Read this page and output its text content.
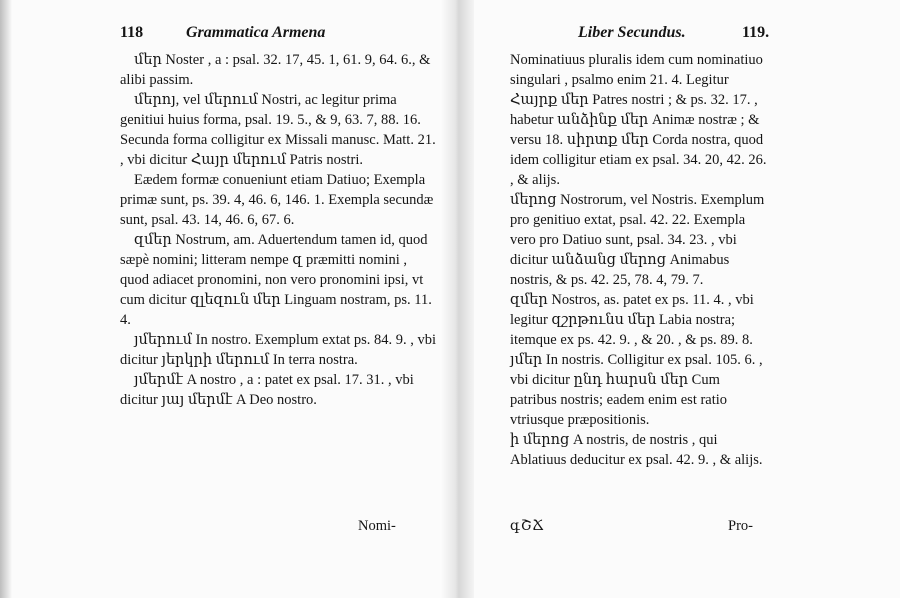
118	Grammatica Armena

մեր Noster , a : psal. 32. 17, 45. 1, 61. 9, 64. 6., & alibi passim.

մերոյ, vel մերում Nostri, ac legitur prima genitiui huius forma, psal. 19. 5., & 9, 63. 7, 88. 16. Secunda forma colligitur ex Missali manusc. Matt. 21. , vbi dicitur Հայր մերում Patris nostri.

Eædem formæ conueniunt etiam Datiuo; Exempla primæ sunt, ps. 39. 4, 46. 6, 146. 1. Exempla secundæ sunt, psal. 43. 14, 46. 6, 67. 6.

զմեր Nostrum, am. Aduertendum tamen id, quod sæpè nomini; litteram nempe զ præmitti nomini , quod adiacet pronomini, non vero pronomini ipsi, vt cum dicitur զլեզուն մեր Linguam nostram, ps. 11. 4.

յմերում In nostro. Exemplum extat ps. 84. 9. , vbi dicitur յերկրի մերում In terra nostra.

յմերմէ A nostro , a : patet ex psal. 17. 31. , vbi dicitur յայ մերմէ A Deo nostro.

Nomi-
Liber Secundus.	119.

Nominatiuus pluralis idem cum nominatiuo singulari , psalmo enim 21. 4. Legitur Հայրք մեր Patres nostri ; & ps. 32. 17. , habetur անձինք մեր Animæ nostræ ; & versu 18. սիրտք մեր Corda nostra, quod idem colligitur etiam ex psal. 34. 20, 42. 26. , & alijs.

մերոց Nostrorum, vel Nostris. Exemplum pro genitiuo extat, psal. 42. 22. Exempla vero pro Datiuo sunt, psal. 34. 23. , vbi dicitur անձանց մերոց Animabus nostris, & ps. 42. 25, 78. 4, 79. 7.

զմեր Nostros, as. patet ex ps. 11. 4. , vbi legitur զշրթունս մեր Labia nostra; itemque ex ps. 42. 9. , & 20. , & ps. 89. 8.

յմեր In nostris. Colligitur ex psal. 105. 6. , vbi dicitur ընդ հարսն մեր Cum patribus nostris; eadem enim est ratio vtriusque præpositionis.

ի մերոց A nostris, de nostris , qui Ablatiuus deducitur ex psal. 42. 9. , & alijs.

գՇՃ	Pro-
